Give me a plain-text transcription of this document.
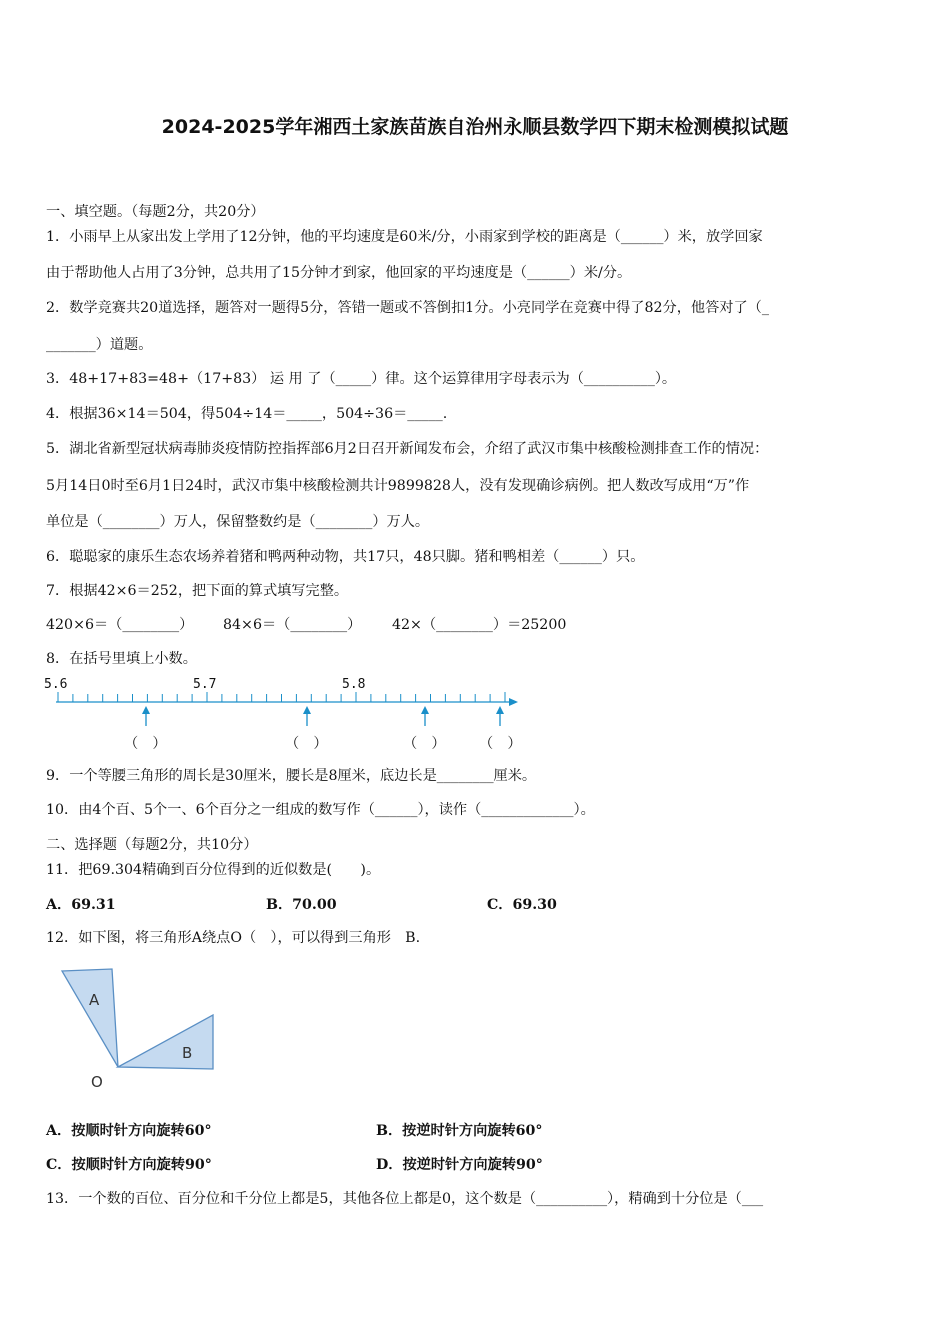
2024-2025学年湘西土家族苗族自治州永顺县数学四下期末检测模拟试题
一、填空题。（每题2分，共20分）
1．小雨早上从家出发上学用了12分钟，他的平均速度是60米/分，小雨家到学校的距离是（______）米，放学回家
由于帮助他人占用了3分钟，总共用了15分钟才到家，他回家的平均速度是（______）米/分。
2．数学竞赛共20道选择，题答对一题得5分，答错一题或不答倒扣1分。小亮同学在竞赛中得了82分，他答对了（_
_______）道题。
3．48+17+83=48+（17+83） 运 用 了（_____）律。这个运算律用字母表示为（__________）。
4．根据36×14＝504，得504÷14＝_____，504÷36＝_____.
5．湖北省新型冠状病毒肺炎疫情防控指挥部6月2日召开新闻发布会，介绍了武汉市集中核酸检测排查工作的情况：
5月14日0时至6月1日24时，武汉市集中核酸检测共计9899828人，没有发现确诊病例。把人数改写成用“万”作
单位是（________）万人，保留整数约是（________）万人。
6．聪聪家的康乐生态农场养着猪和鸭两种动物，共17只，48只脚。猪和鸭相差（______）只。
7．根据42×6＝252，把下面的算式填写完整。
420×6＝（________） 84×6＝（________） 42×（________）＝25200
8．在括号里填上小数。
5.6	5.7	5.8
（　）	（　）	（　） （　）
9．一个等腰三角形的周长是30厘米，腰长是8厘米，底边长是________厘米。
10．由4个百、5个一、6个百分之一组成的数写作（______），读作（_____________）。
二、选择题（每题2分，共10分）
11．把69.304精确到百分位得到的近似数是(　　)。
A．69.31	B．70.00	C．69.30
12．如下图，将三角形A绕点O（　），可以得到三角形　B.
A
B
O
A．按顺时针方向旋转60°	B．按逆时针方向旋转60°
C．按顺时针方向旋转90°	D．按逆时针方向旋转90°
13．一个数的百位、百分位和千分位上都是5，其他各位上都是0，这个数是（__________），精确到十分位是（___
